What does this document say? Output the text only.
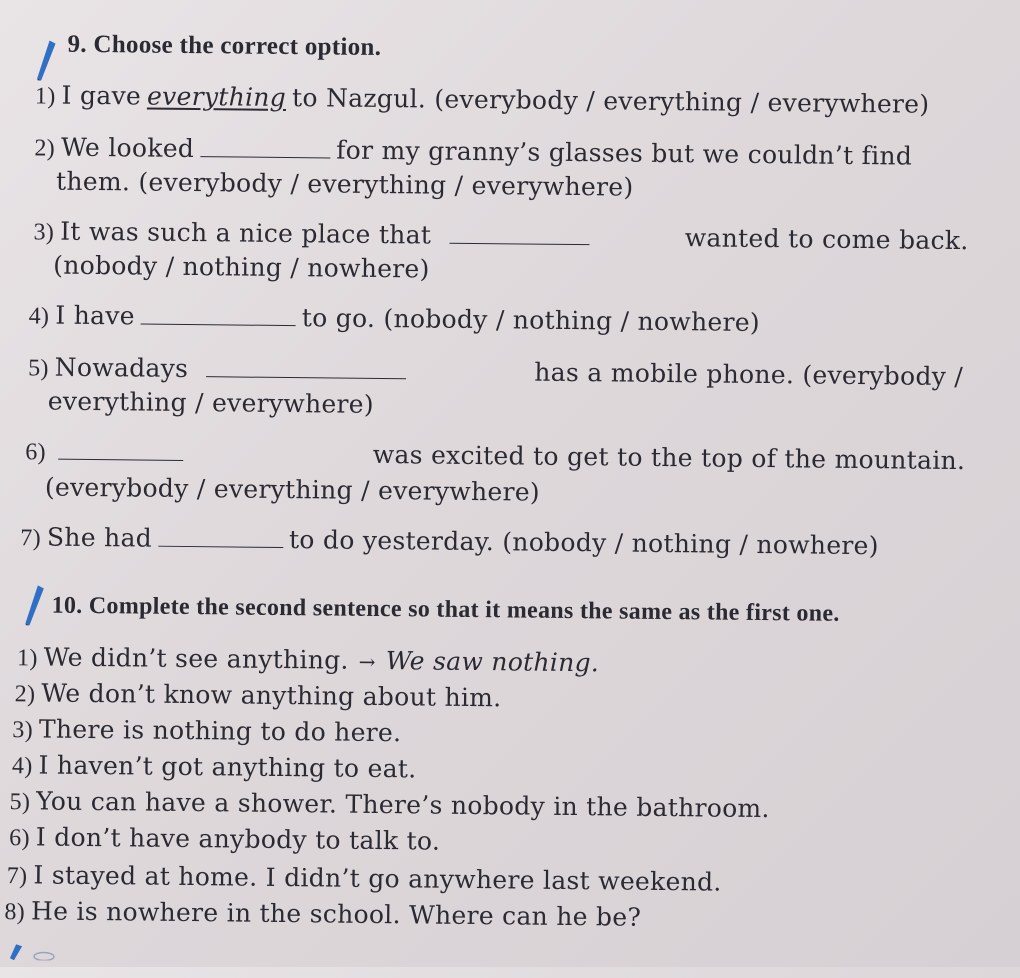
9. Choose the correct option.
1) I gave everything to Nazgul. (everybody / everything / everywhere)
2) We looked	for my granny’s glasses but we couldn’t find
them. (everybody / everything / everywhere)
3) It was such a nice place that	wanted to come back.
(nobody / nothing / nowhere)
4) I have	to go. (nobody / nothing / nowhere)
5) Nowadays	has a mobile phone. (everybody /
everything / everywhere)
6)	was excited to get to the top of the mountain.
(everybody / everything / everywhere)
7) She had	to do yesterday. (nobody / nothing / nowhere)
10. Complete the second sentence so that it means the same as the first one.
1) We didn’t see anything. → We saw nothing.
2) We don’t know anything about him.
3) There is nothing to do here.
4) I haven’t got anything to eat.
5) You can have a shower. There’s nobody in the bathroom.
6) I don’t have anybody to talk to.
7) I stayed at home. I didn’t go anywhere last weekend.
8) He is nowhere in the school. Where can he be?
